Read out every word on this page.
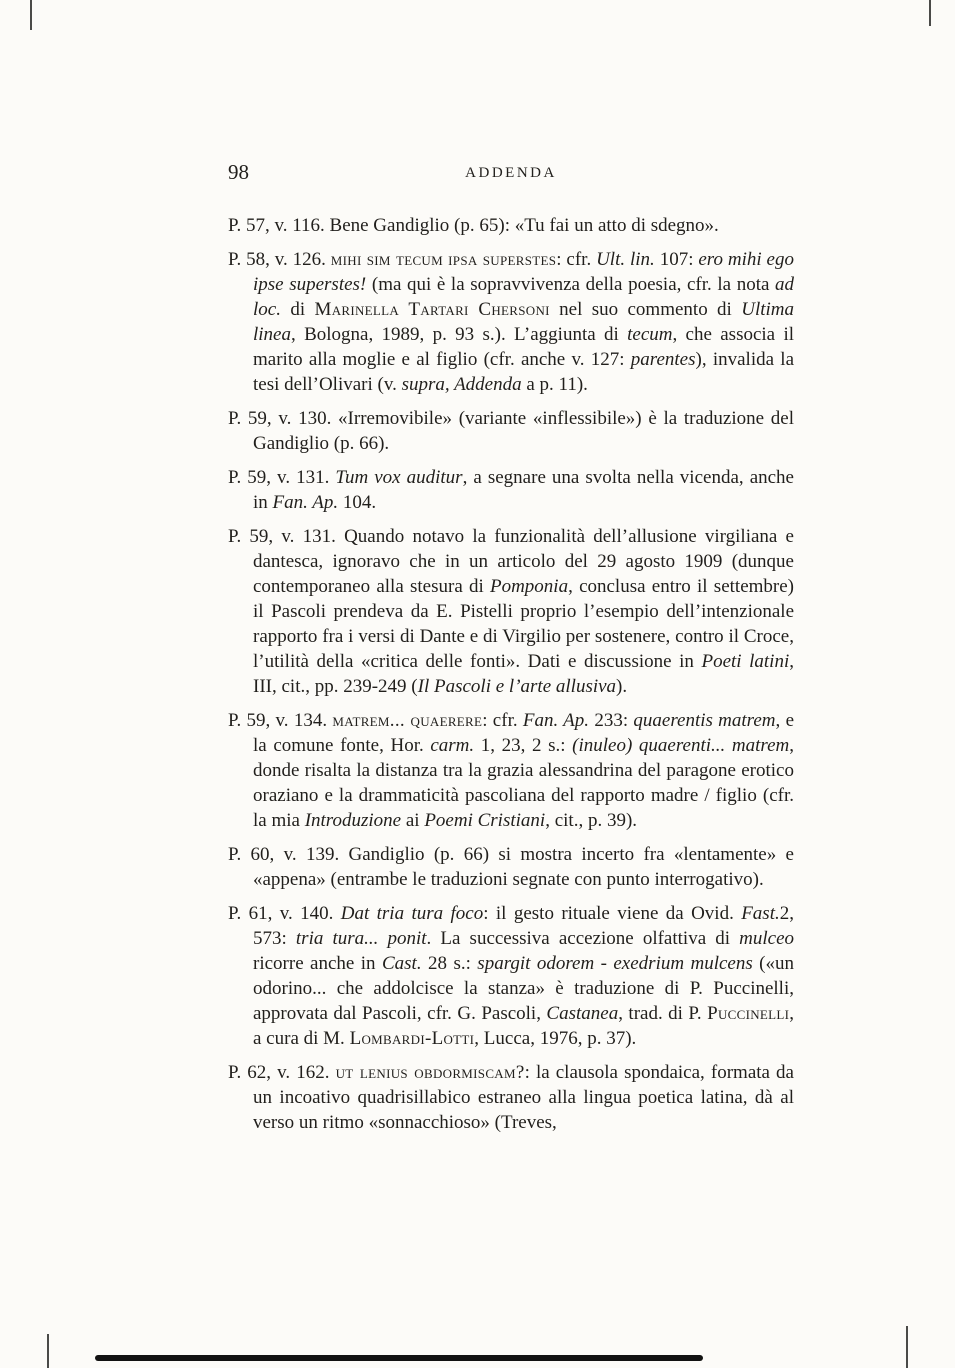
98	ADDENDA

P. 57, v. 116. Bene Gandiglio (p. 65): «Tu fai un atto di sdegno».

P. 58, v. 126. mihi sim tecum ipsa superstes: cfr. Ult. lin. 107: ero mihi ego ipse superstes! (ma qui è la sopravvivenza della poesia, cfr. la nota ad loc. di Marinella Tartari Chersoni nel suo commento di Ultima linea, Bologna, 1989, p. 93 s.). L’aggiunta di tecum, che associa il marito alla moglie e al figlio (cfr. anche v. 127: parentes), invalida la tesi dell’Olivari (v. supra, Addenda a p. 11).

P. 59, v. 130. «Irremovibile» (variante «inflessibile») è la traduzione del Gandiglio (p. 66).

P. 59, v. 131. Tum vox auditur, a segnare una svolta nella vicenda, anche in Fan. Ap. 104.

P. 59, v. 131. Quando notavo la funzionalità dell’allusione virgiliana e dantesca, ignoravo che in un articolo del 29 agosto 1909 (dunque contemporaneo alla stesura di Pomponia, conclusa entro il settembre) il Pascoli prendeva da E. Pistelli proprio l’esempio dell’intenzionale rapporto fra i versi di Dante e di Virgilio per sostenere, contro il Croce, l’utilità della «critica delle fonti». Dati e discussione in Poeti latini, III, cit., pp. 239-249 (Il Pascoli e l’arte allusiva).

P. 59, v. 134. matrem... quaerere: cfr. Fan. Ap. 233: quaerentis matrem, e la comune fonte, Hor. carm. 1, 23, 2 s.: (inuleo) quaerenti... matrem, donde risalta la distanza tra la grazia alessandrina del paragone erotico oraziano e la drammaticità pascoliana del rapporto madre / figlio (cfr. la mia Introduzione ai Poemi Cristiani, cit., p. 39).

P. 60, v. 139. Gandiglio (p. 66) si mostra incerto fra «lentamente» e «appena» (entrambe le traduzioni segnate con punto interrogativo).

P. 61, v. 140. Dat tria tura foco: il gesto rituale viene da Ovid. Fast.2, 573: tria tura... ponit. La successiva accezione olfattiva di mulceo ricorre anche in Cast. 28 s.: spargit odorem - exedrium mulcens («un odorino... che addolcisce la stanza» è traduzione di P. Puccinelli, approvata dal Pascoli, cfr. G. Pascoli, Castanea, trad. di P. Puccinelli, a cura di M. Lombardi-Lotti, Lucca, 1976, p. 37).

P. 62, v. 162. ut lenius obdormiscam?: la clausola spondaica, formata da un incoativo quadrisillabico estraneo alla lingua poetica latina, dà al verso un ritmo «sonnacchioso» (Treves,
